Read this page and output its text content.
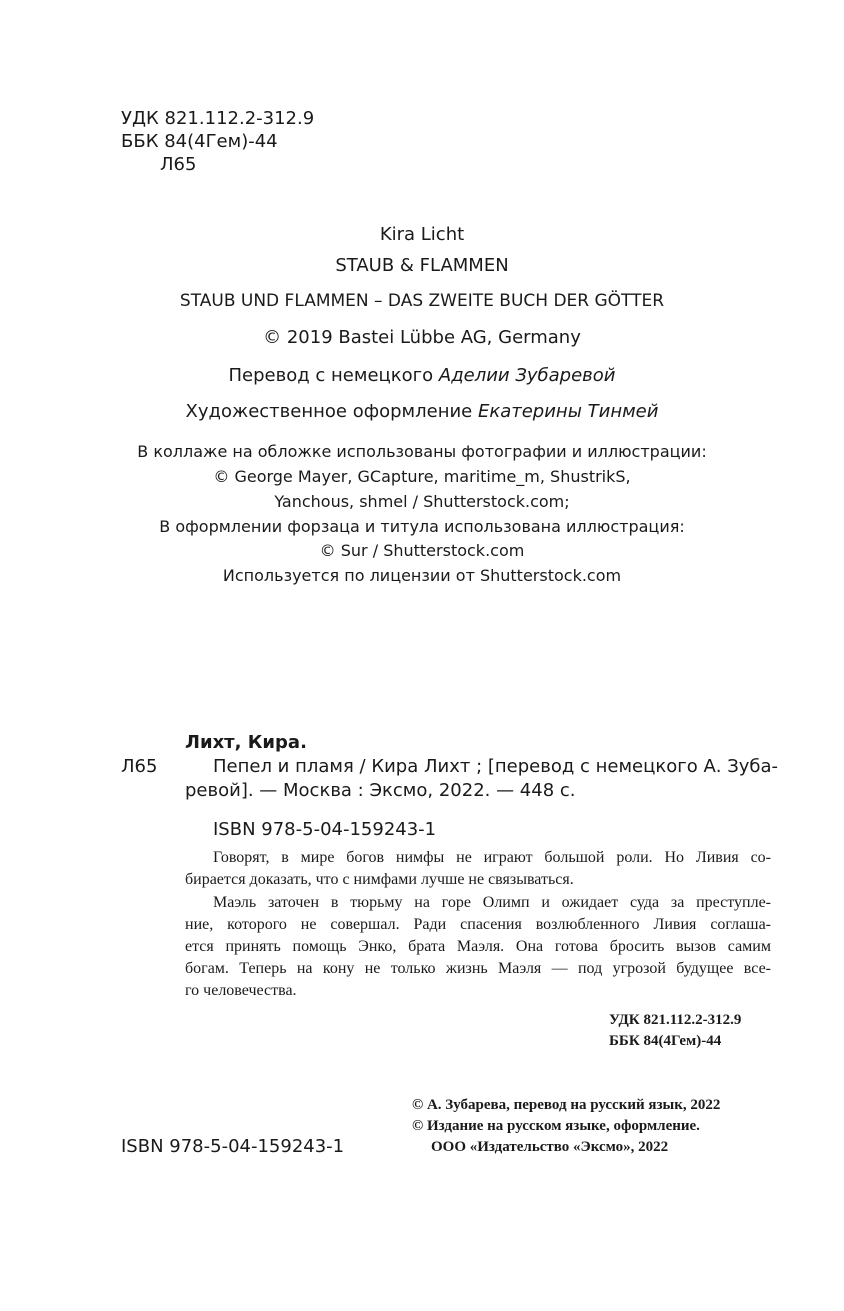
УДК 821.112.2-312.9
ББК 84(4Гем)-44
Л65
Kira Licht
STAUB & FLAMMEN
STAUB UND FLAMMEN – DAS ZWEITE BUCH DER GÖTTER
© 2019 Bastei Lübbe AG, Germany
Перевод с немецкого Аделии Зубаревой
Художественное оформление Екатерины Тинмей
В коллаже на обложке использованы фотографии и иллюстрации:
© George Mayer, GCapture, maritime_m, ShustrikS,
Yanchous, shmel / Shutterstock.com;
В оформлении форзаца и титула использована иллюстрация:
© Sur / Shutterstock.com
Используется по лицензии от Shutterstock.com
Лихт, Кира.
Л65	Пепел и пламя / Кира Лихт ; [перевод с немецкого А. Зуба-
ревой]. — Москва : Эксмо, 2022. — 448 с.
ISBN 978-5-04-159243-1
Говорят, в мире богов нимфы не играют большой роли. Но Ливия со-
бирается доказать, что с нимфами лучше не связываться.
Маэль заточен в тюрьму на горе Олимп и ожидает суда за преступле-
ние, которого не совершал. Ради спасения возлюбленного Ливия соглаша-
ется принять помощь Энко, брата Маэля. Она готова бросить вызов самим
богам. Теперь на кону не только жизнь Маэля — под угрозой будущее все-
го человечества.
УДК 821.112.2-312.9
ББК 84(4Гем)-44
© А. Зубарева, перевод на русский язык, 2022
© Издание на русском языке, оформление.
ООО «Издательство «Эксмо», 2022
ISBN 978-5-04-159243-1
